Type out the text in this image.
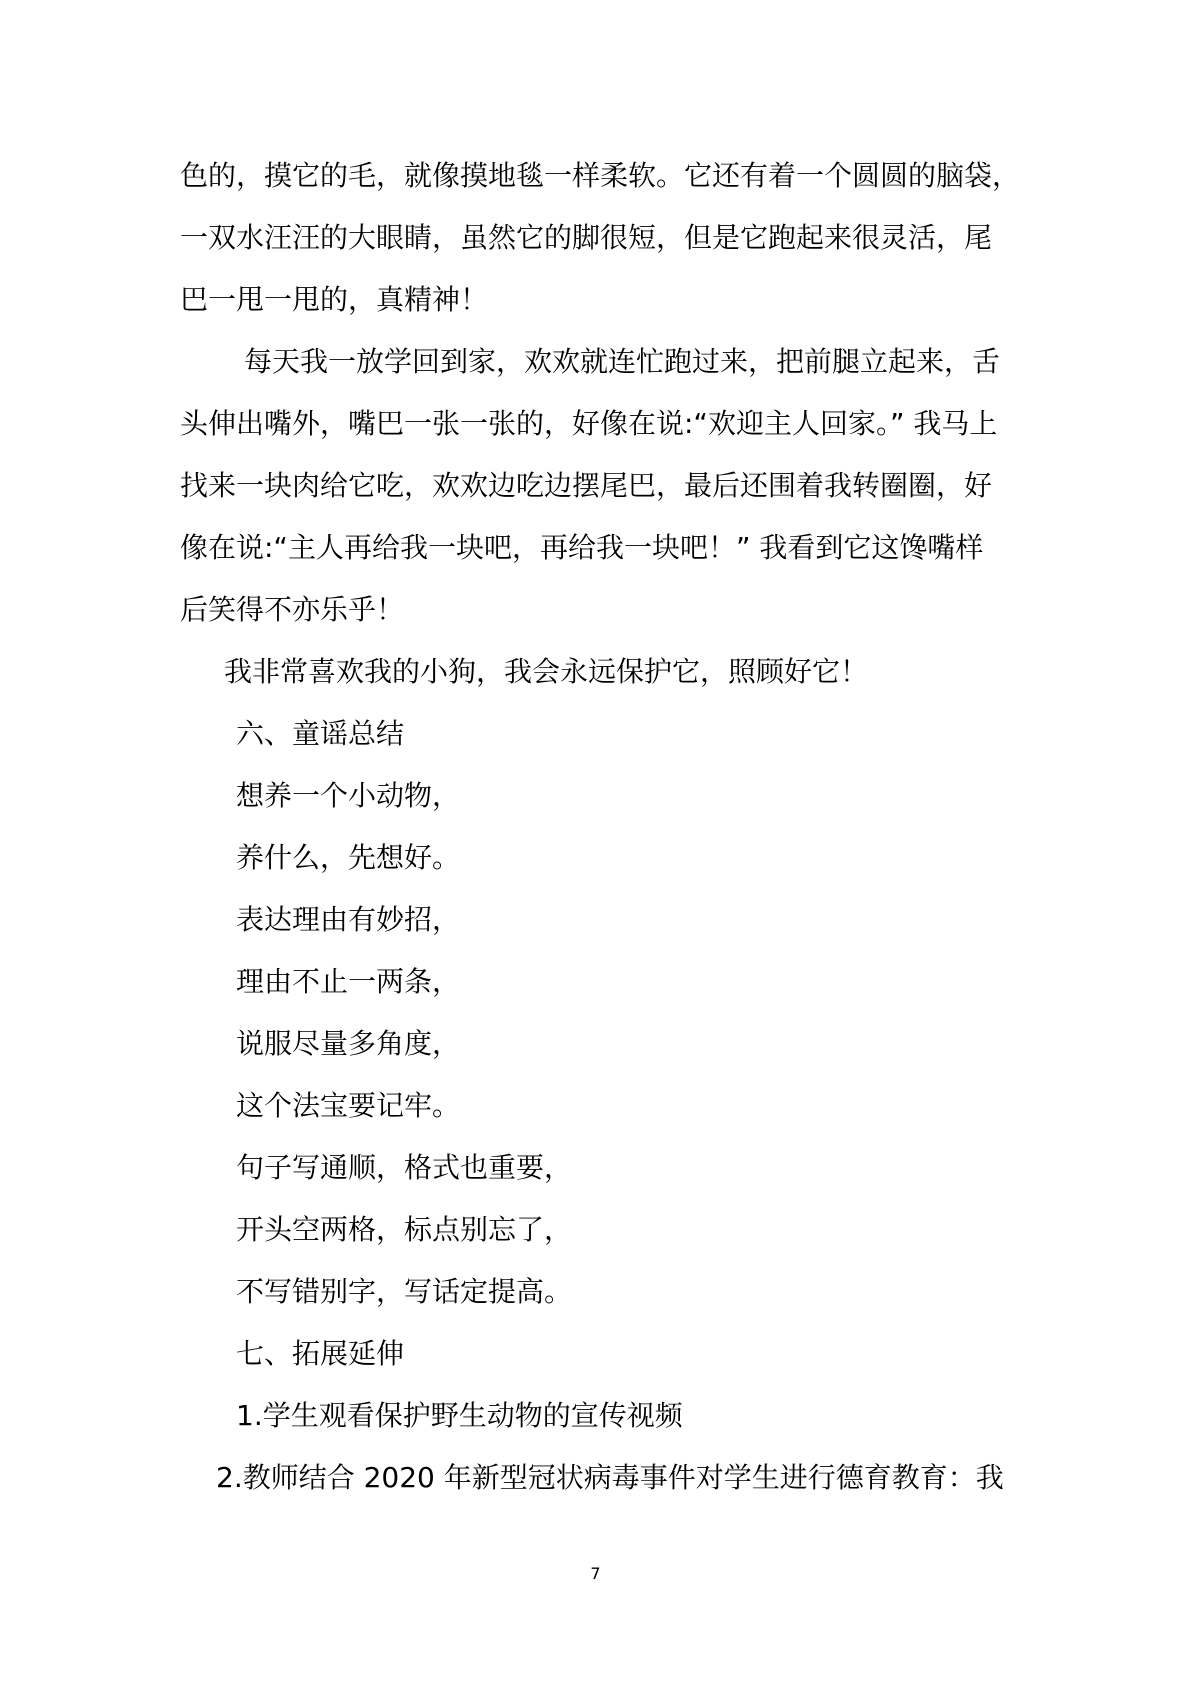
色的，摸它的毛，就像摸地毯一样柔软。它还有着一个圆圆的脑袋，
一双水汪汪的大眼睛，虽然它的脚很短，但是它跑起来很灵活，尾
巴一甩一甩的，真精神！
每天我一放学回到家，欢欢就连忙跑过来，把前腿立起来，舌
头伸出嘴外，嘴巴一张一张的，好像在说:“欢迎主人回家。” 我马上
找来一块肉给它吃，欢欢边吃边摆尾巴，最后还围着我转圈圈，好
像在说:“主人再给我一块吧，再给我一块吧！” 我看到它这馋嘴样
后笑得不亦乐乎！
我非常喜欢我的小狗，我会永远保护它，照顾好它！
六、童谣总结
想养一个小动物，
养什么，先想好。
表达理由有妙招，
理由不止一两条，
说服尽量多角度，
这个法宝要记牢。
句子写通顺，格式也重要，
开头空两格，标点别忘了，
不写错别字，写话定提高。
七、拓展延伸
1.学生观看保护野生动物的宣传视频
2.教师结合 2020 年新型冠状病毒事件对学生进行德育教育：我
7
